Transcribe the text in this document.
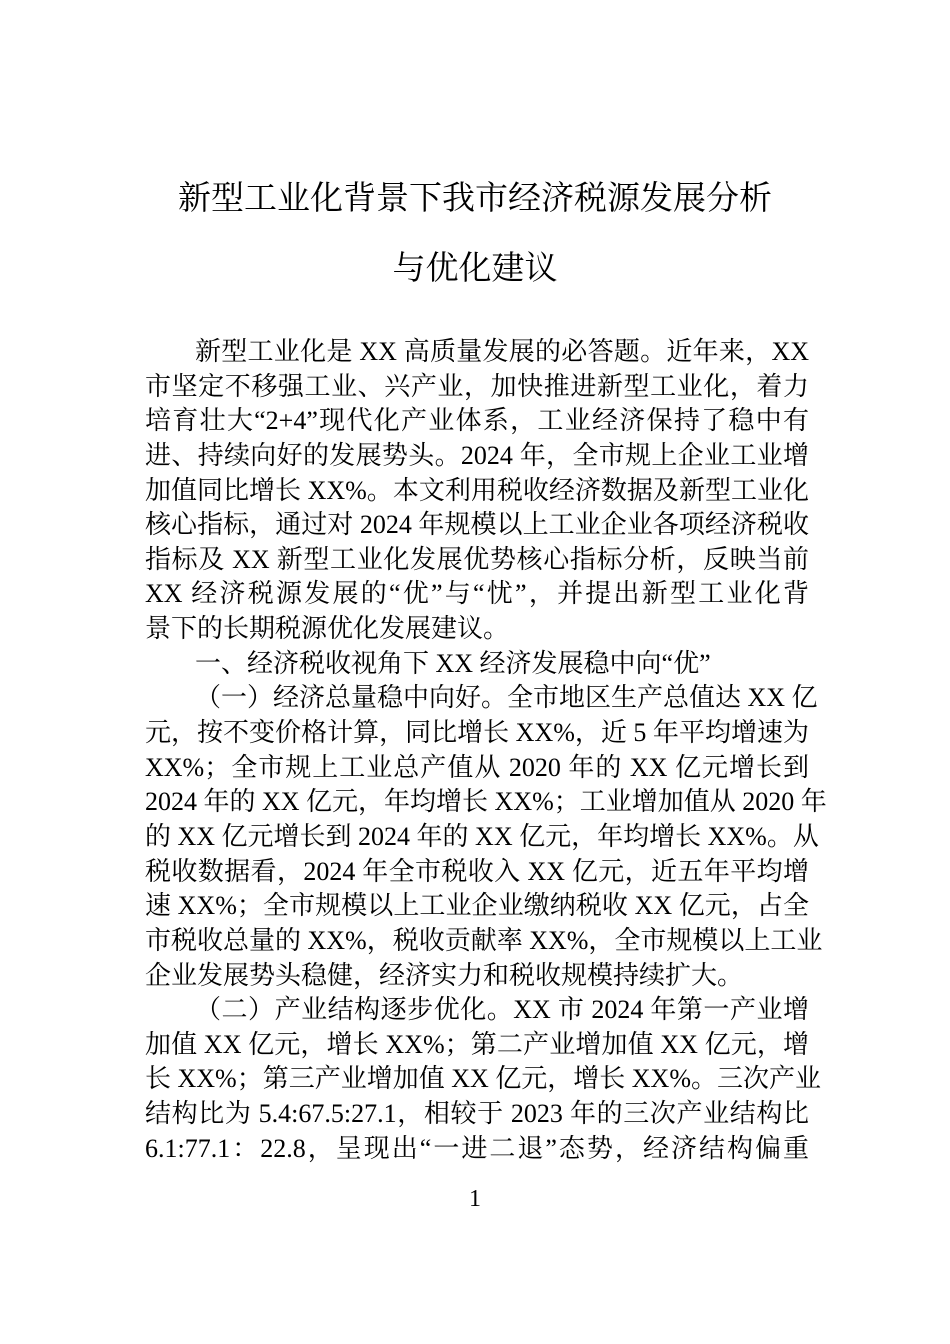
新型工业化背景下我市经济税源发展分析
与优化建议
新型工业化是 XX 高质量发展的必答题。近年来，XX
市坚定不移强工业、兴产业，加快推进新型工业化，着力
培育壮大“2+4”现代化产业体系，工业经济保持了稳中有
进、持续向好的发展势头。2024 年，全市规上企业工业增
加值同比增长 XX%。本文利用税收经济数据及新型工业化
核心指标，通过对 2024 年规模以上工业企业各项经济税收
指标及 XX 新型工业化发展优势核心指标分析，反映当前
XX 经济税源发展的“优”与“忧”，并提出新型工业化背
景下的长期税源优化发展建议。
一、经济税收视角下 XX 经济发展稳中向“优”
（一）经济总量稳中向好。全市地区生产总值达 XX 亿
元，按不变价格计算，同比增长 XX%，近 5 年平均增速为
XX%；全市规上工业总产值从 2020 年的 XX 亿元增长到
2024 年的 XX 亿元，年均增长 XX%；工业增加值从 2020 年
的 XX 亿元增长到 2024 年的 XX 亿元，年均增长 XX%。从
税收数据看，2024 年全市税收入 XX 亿元，近五年平均增
速 XX%；全市规模以上工业企业缴纳税收 XX 亿元，占全
市税收总量的 XX%，税收贡献率 XX%，全市规模以上工业
企业发展势头稳健，经济实力和税收规模持续扩大。
（二）产业结构逐步优化。XX 市 2024 年第一产业增
加值 XX 亿元，增长 XX%；第二产业增加值 XX 亿元，增
长 XX%；第三产业增加值 XX 亿元，增长 XX%。三次产业
结构比为 5.4:67.5:27.1，相较于 2023 年的三次产业结构比
6.1:77.1：22.8，呈现出“一进二退”态势，经济结构偏重
1
